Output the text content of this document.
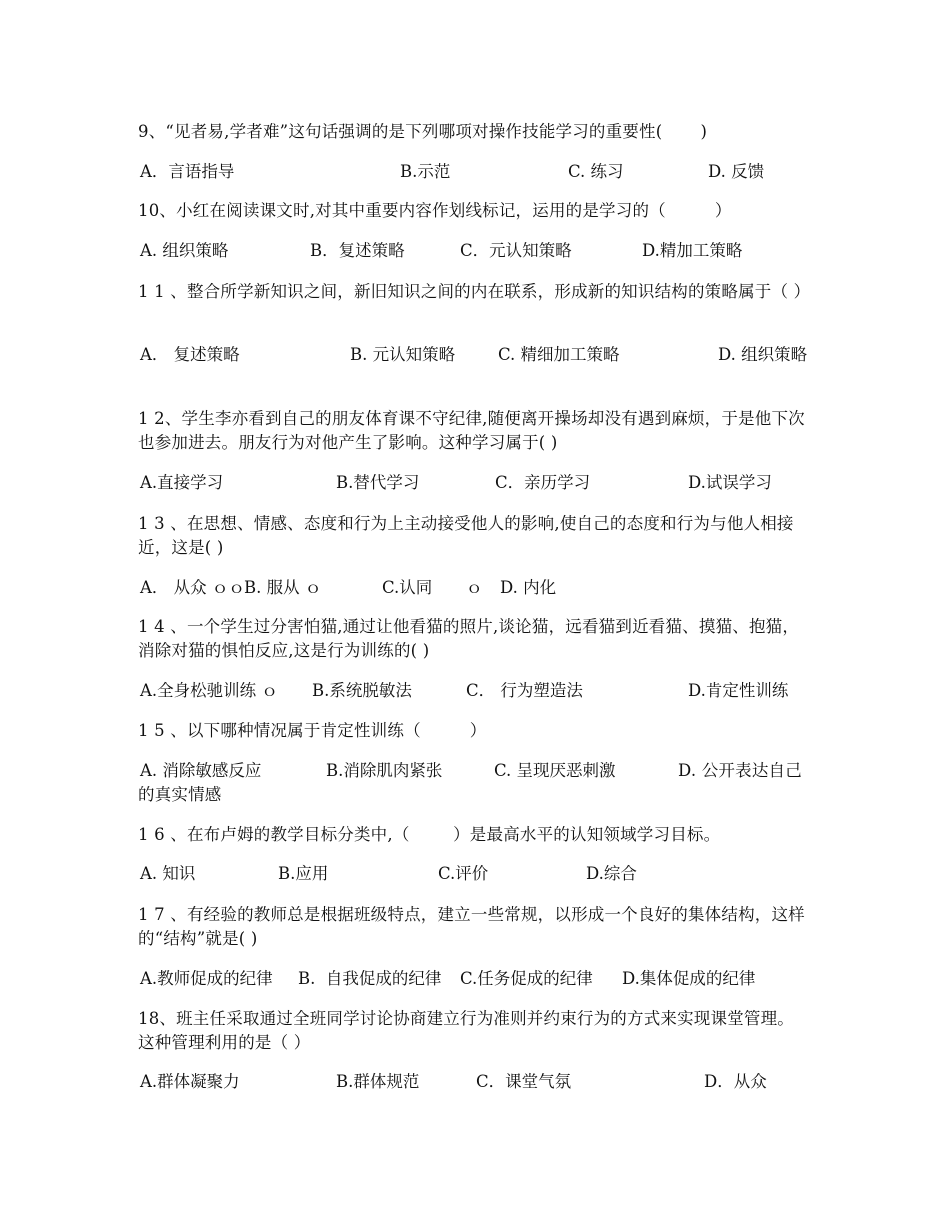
9、“见者易,学者难”这句话强调的是下列哪项对操作技能学习的重要性(       )
A．言语指导	B.示范	C. 练习	D. 反馈
10、小红在阅读课文时,对其中重要内容作划线标记，运用的是学习的（         ）
A. 组织策略	B．复述策略	C．元认知策略	D.精加工策略
1 1 、整合所学新知识之间，新旧知识之间的内在联系，形成新的知识结构的策略属于（ ）
A． 复述策略	B. 元认知策略	C. 精细加工策略	D. 组织策略
1 2、学生李亦看到自己的朋友体育课不守纪律,随便离开操场却没有遇到麻烦，于是他下次也参加进去。朋友行为对他产生了影响。这种学习属于( )
A.直接学习	B.替代学习	C．亲历学习	D.试误学习
1 3 、在思想、情感、态度和行为上主动接受他人的影响,使自己的态度和行为与他人相接近，这是( )
A． 从众 ｏｏ B. 服从 ｏ	C.认同 ｏ D. 内化
1 4 、一个学生过分害怕猫,通过让他看猫的照片,谈论猫，远看猫到近看猫、摸猫、抱猫，消除对猫的惧怕反应,这是行为训练的( )
A.全身松驰训练 ｏ B.系统脱敏法	C． 行为塑造法	D.肯定性训练
1 5 、以下哪种情况属于肯定性训练（         ）
A. 消除敏感反应	B.消除肌肉紧张	C. 呈现厌恶刺激	D. 公开表达自己的真实情感
1 6 、在布卢姆的教学目标分类中,（        ）是最高水平的认知领域学习目标。
A. 知识	B.应用	C.评价	D.综合
1 7 、有经验的教师总是根据班级特点，建立一些常规，以形成一个良好的集体结构，这样的“结构”就是( )
A.教师促成的纪律 B.  自我促成的纪律 C.任务促成的纪律 D.集体促成的纪律
18、班主任采取通过全班同学讨论协商建立行为准则并约束行为的方式来实现课堂管理。这种管理利用的是（ ）
A.群体凝聚力	B.群体规范	C．课堂气氛	D．从众
